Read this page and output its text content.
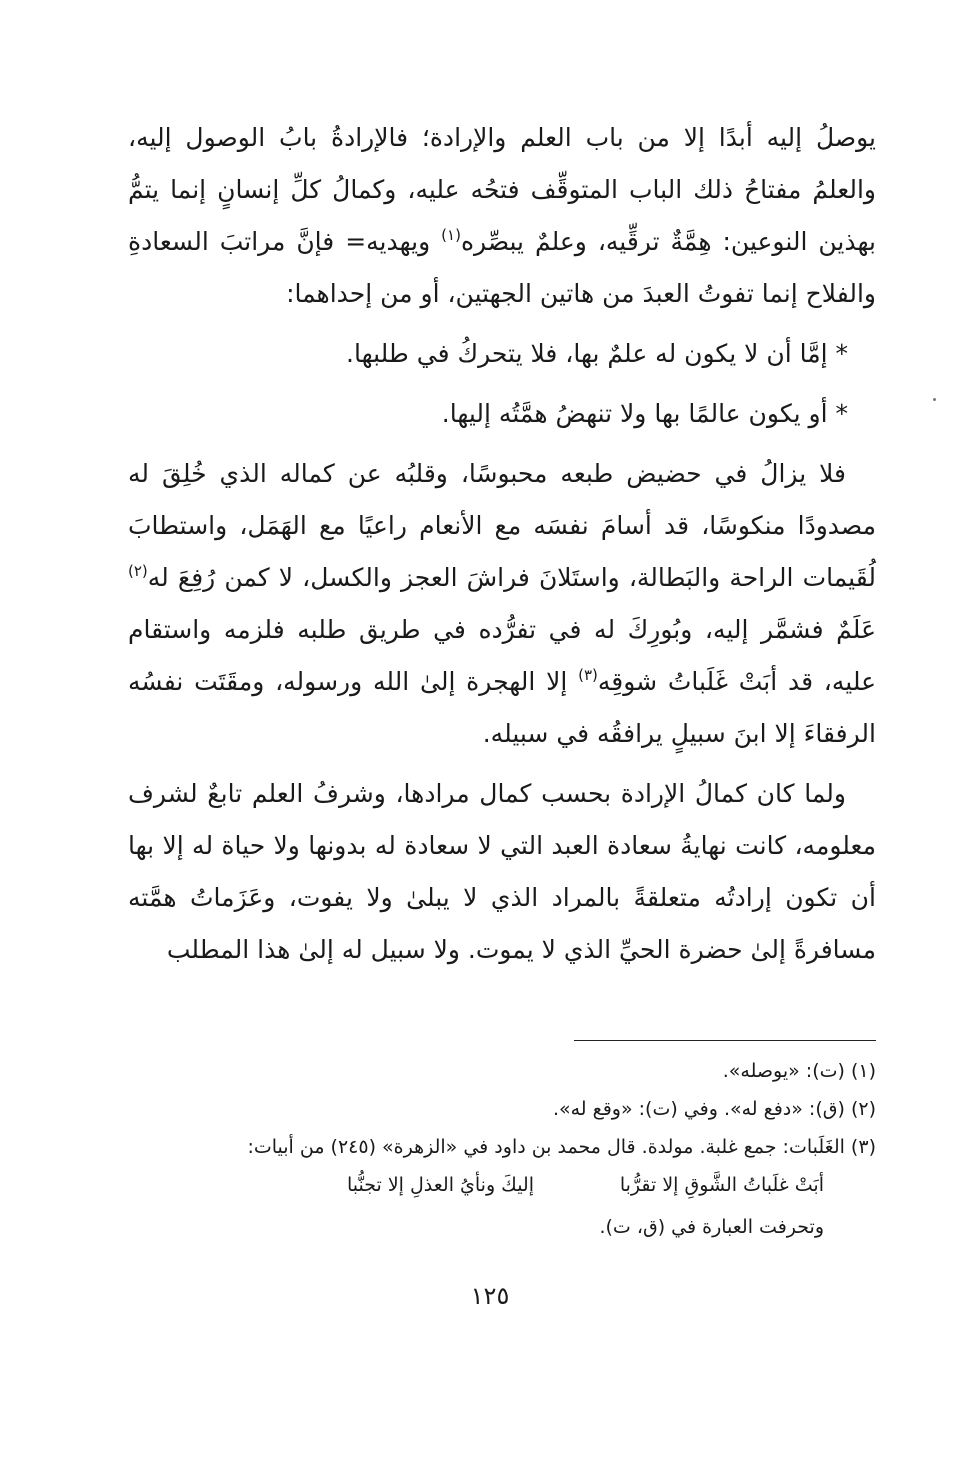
يوصلُ إليه أبدًا إلا من باب العلم والإرادة؛ فالإرادةُ بابُ الوصول إليه، والعلمُ مفتاحُ ذلك الباب المتوقِّف فتحُه عليه، وكمالُ كلِّ إنسانٍ إنما يتمُّ بهذين النوعين: هِمَّةٌ ترقِّيه، وعلمٌ يبصِّره$^{(١)}$ ويهديه= فإنَّ مراتبَ السعادةِ والفلاح إنما تفوتُ العبدَ من هاتين الجهتين، أو من إحداهما:

* إمَّا أن لا يكون له علمٌ بها، فلا يتحركُ في طلبها.

* أو يكون عالمًا بها ولا تنهضُ همَّتُه إليها.

فلا يزالُ في حضيض طبعه محبوسًا، وقلبُه عن كماله الذي خُلِقَ له مصدودًا منكوسًا، قد أسامَ نفسَه مع الأنعام راعيًا مع الهَمَل، واستطابَ لُقَيمات الراحة والبَطالة، واستَلانَ فراشَ العجز والكسل، لا كمن رُفِعَ له$^{(٢)}$ عَلَمٌ فشمَّر إليه، وبُورِكَ له في تفرُّده في طريق طلبه فلزمه واستقام عليه، قد أبَتْ غَلَباتُ شوقِه$^{(٣)}$ إلا الهجرة إلىٰ الله ورسوله، ومقَتَت نفسُه الرفقاءَ إلا ابنَ سبيلٍ يرافقُه في سبيله.

ولما كان كمالُ الإرادة بحسب كمال مرادها، وشرفُ العلم تابعٌ لشرف معلومه، كانت نهايةُ سعادة العبد التي لا سعادة له بدونها ولا حياة له إلا بها أن تكون إرادتُه متعلقةً بالمراد الذي لا يبلىٰ ولا يفوت، وعَزَماتُ همَّته مسافرةً إلىٰ حضرة الحيِّ الذي لا يموت. ولا سبيل له إلىٰ هذا المطلب

(١) (ت): «يوصله».

(٢) (ق): «دفع له». وفي (ت): «وقع له».

(٣) الغَلَبات: جمع غلبة. مولدة. قال محمد بن داود في «الزهرة» (٢٤٥) من أبيات:

أبَتْ غلَباتُ الشَّوقِ إلا تقرُّبا
إليكَ ونأيُ العذلِ إلا تجنُّبا

وتحرفت العبارة في (ق، ت).

١٢٥
